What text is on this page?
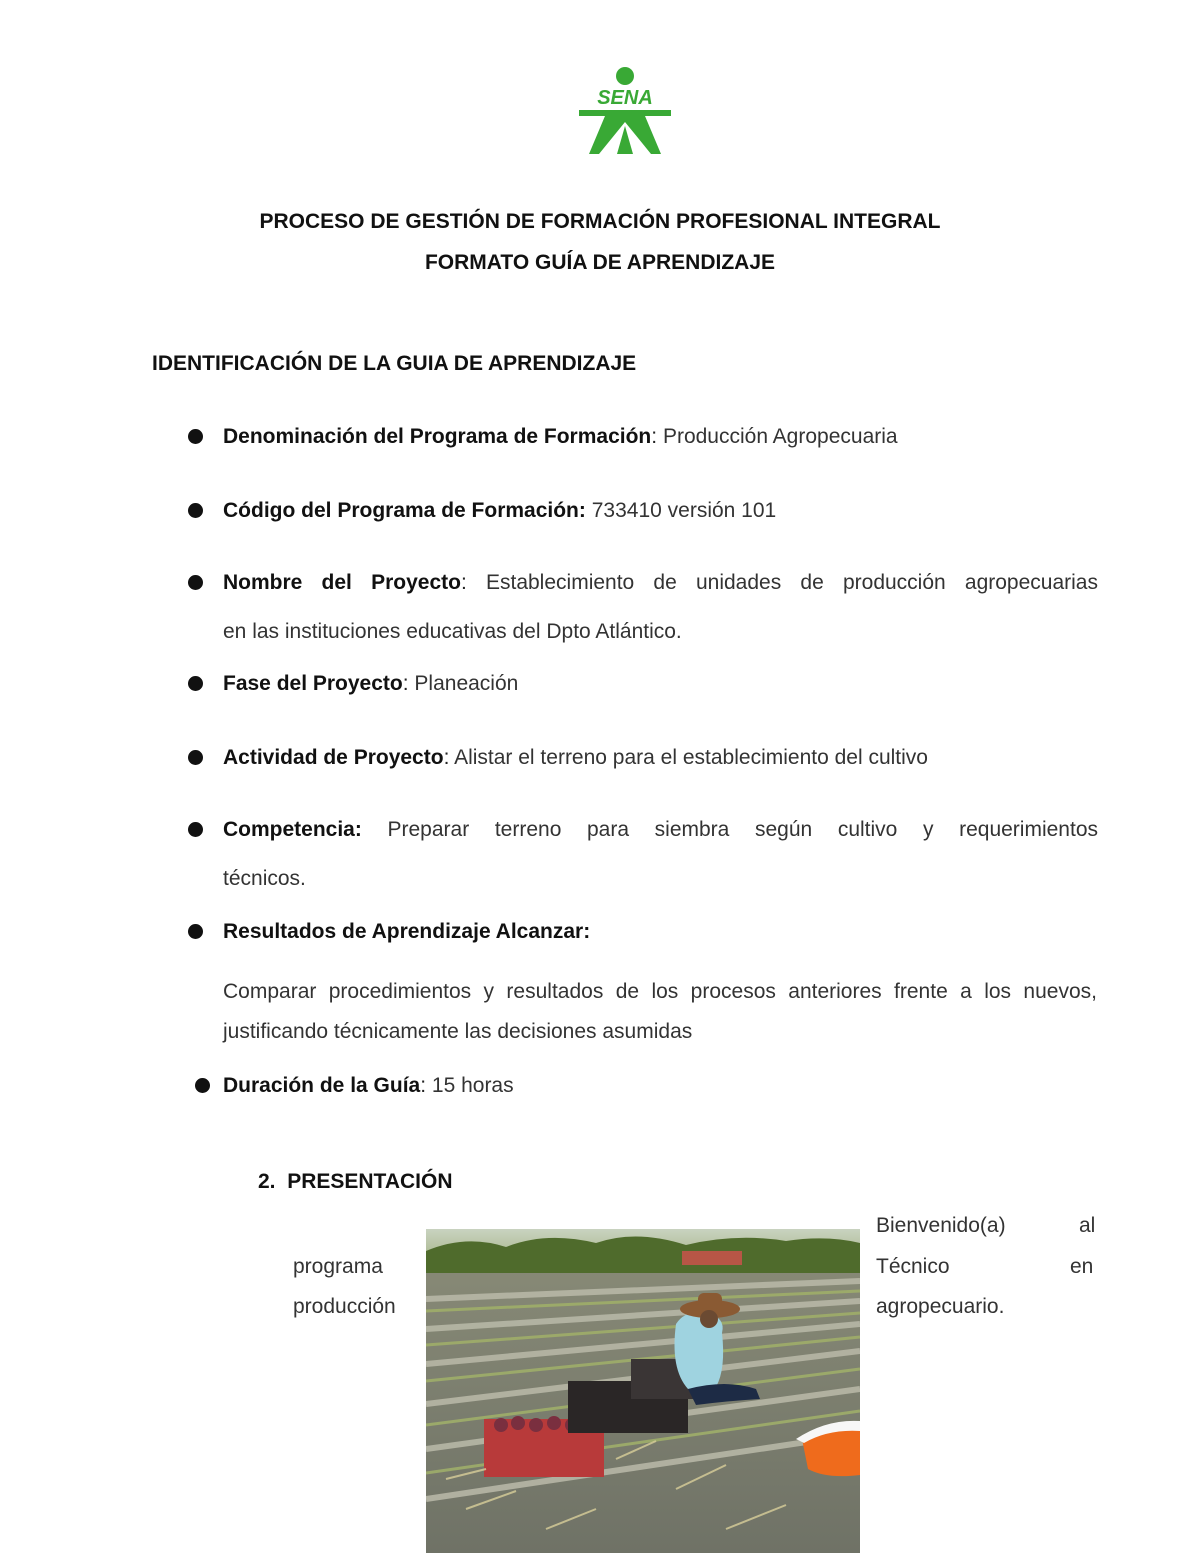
SENA
PROCESO DE GESTIÓN DE FORMACIÓN PROFESIONAL INTEGRAL
FORMATO GUÍA DE APRENDIZAJE
IDENTIFICACIÓN DE LA GUIA DE APRENDIZAJE
Denominación del Programa de Formación: Producción Agropecuaria
Código del Programa de Formación: 733410 versión 101
Nombre del Proyecto: Establecimiento de unidades de producción agropecuarias
en las instituciones educativas del Dpto Atlántico.
Fase del Proyecto: Planeación
Actividad de Proyecto: Alistar el terreno para el establecimiento del cultivo
Competencia: Preparar terreno para siembra según cultivo y requerimientos
técnicos.
Resultados de Aprendizaje Alcanzar:
Comparar procedimientos y resultados de los procesos anteriores frente a los nuevos, justificando técnicamente las decisiones asumidas
Duración de la Guía: 15 horas
2. PRESENTACIÓN
Bienvenido(a)	al
programa	Técnico	en
producción	agropecuario.
